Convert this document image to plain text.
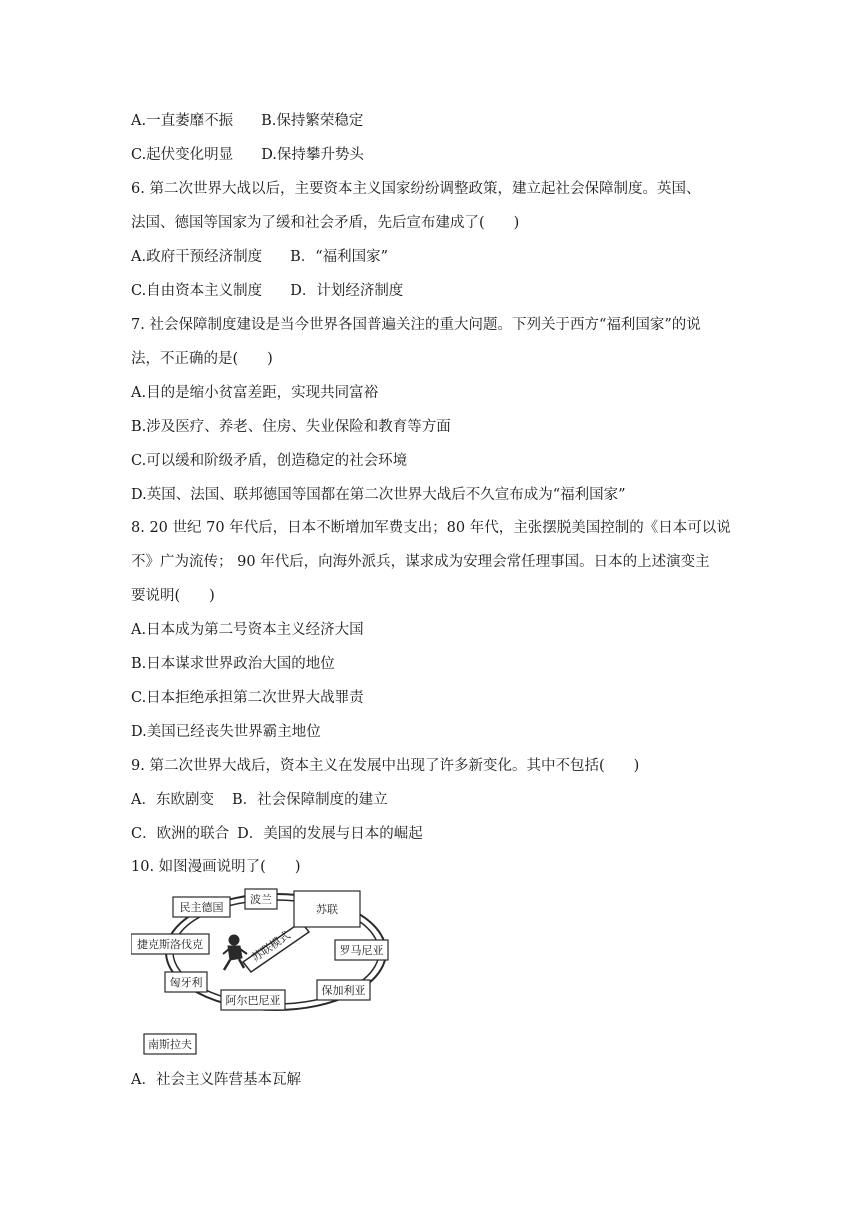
A.一直萎靡不振 B.保持繁荣稳定
C.起伏变化明显 D.保持攀升势头
6. 第二次世界大战以后，主要资本主义国家纷纷调整政策，建立起社会保障制度。英国、
法国、德国等国家为了缓和社会矛盾，先后宣布建成了(　　)
A.政府干预经济制度 B．“福利国家”
C.自由资本主义制度 D．计划经济制度
7. 社会保障制度建设是当今世界各国普遍关注的重大问题。下列关于西方“福利国家”的说
法，不正确的是(　　)
A.目的是缩小贫富差距，实现共同富裕
B.涉及医疗、养老、住房、失业保险和教育等方面
C.可以缓和阶级矛盾，创造稳定的社会环境
D.英国、法国、联邦德国等国都在第二次世界大战后不久宣布成为“福利国家”
8. 20 世纪 70 年代后，日本不断增加军费支出；80 年代，主张摆脱美国控制的《日本可以说
不》广为流传； 90 年代后，向海外派兵，谋求成为安理会常任理事国。日本的上述演变主
要说明(　　)
A.日本成为第二号资本主义经济大国
B.日本谋求世界政治大国的地位
C.日本拒绝承担第二次世界大战罪责
D.美国已经丧失世界霸主地位
9. 第二次世界大战后，资本主义在发展中出现了许多新变化。其中不包括(　　)
A．东欧剧变 B．社会保障制度的建立
C．欧洲的联合 D．美国的发展与日本的崛起
10. 如图漫画说明了(　　)
苏联模式
民主德国
波兰
苏联
捷克斯洛伐克	罗马尼亚
匈牙利
保加利亚
阿尔巴尼亚
南斯拉夫
A．社会主义阵营基本瓦解
